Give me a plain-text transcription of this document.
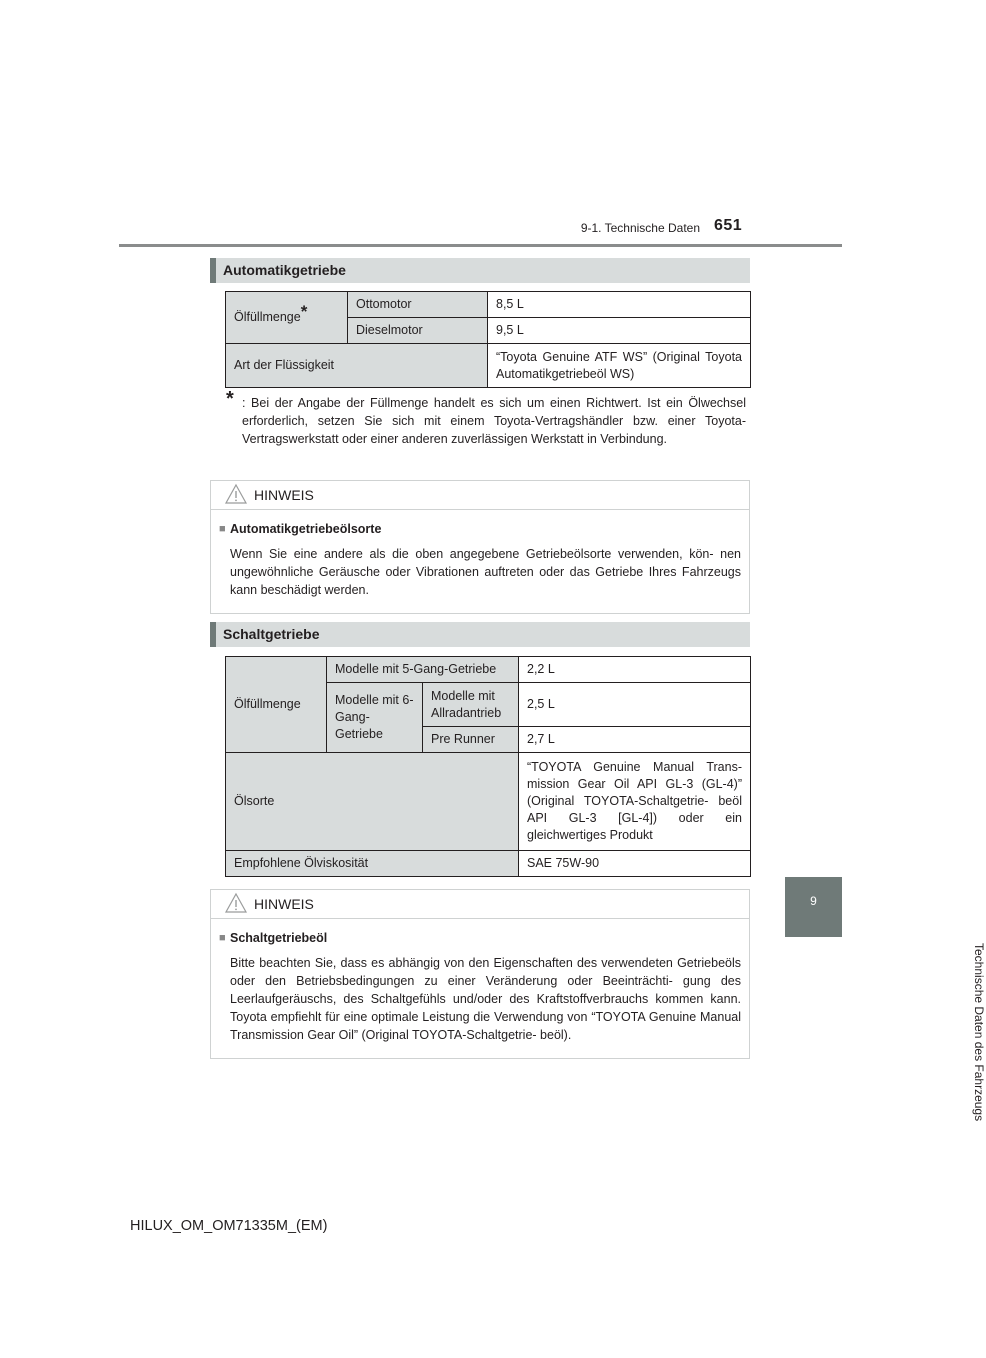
9-1. Technische Daten 651
9
Technische Daten des Fahrzeugs
Automatikgetriebe
Ölfüllmenge*	Ottomotor	8,5 L
	Dieselmotor	9,5 L
Art der Flüssigkeit		“Toyota Genuine ATF WS” (Original Toyota Automatikgetriebeöl WS)
* : Bei der Angabe der Füllmenge handelt es sich um einen Richtwert. Ist ein Ölwechsel erforderlich, setzen Sie sich mit einem Toyota-Vertragshändler bzw. einer Toyota-Vertragswerkstatt oder einer anderen zuverlässigen Werkstatt in Verbindung.
HINWEIS
■ Automatikgetriebeölsorte
Wenn Sie eine andere als die oben angegebene Getriebeölsorte verwenden, kön- nen ungewöhnliche Geräusche oder Vibrationen auftreten oder das Getriebe Ihres Fahrzeugs kann beschädigt werden.
Schaltgetriebe
Ölfüllmenge	Modelle mit 5-Gang-Getriebe		2,2 L
	Modelle mit 6-Gang- Getriebe	Modelle mit Allradantrieb	2,5 L
		Pre Runner	2,7 L
Ölsorte			“TOYOTA Genuine Manual Trans- mission Gear Oil API GL-3 (GL-4)” (Original TOYOTA-Schaltgetrie- beöl API GL-3 [GL-4]) oder ein gleichwertiges Produkt
Empfohlene Ölviskosität			SAE 75W-90
HINWEIS
■ Schaltgetriebeöl
Bitte beachten Sie, dass es abhängig von den Eigenschaften des verwendeten Getriebeöls oder den Betriebsbedingungen zu einer Veränderung oder Beeinträchti- gung des Leerlaufgeräuschs, des Schaltgefühls und/oder des Kraftstoffverbrauchs kommen kann. Toyota empfiehlt für eine optimale Leistung die Verwendung von “TOYOTA Genuine Manual Transmission Gear Oil” (Original TOYOTA-Schaltgetrie- beöl).
HILUX_OM_OM71335M_(EM)
